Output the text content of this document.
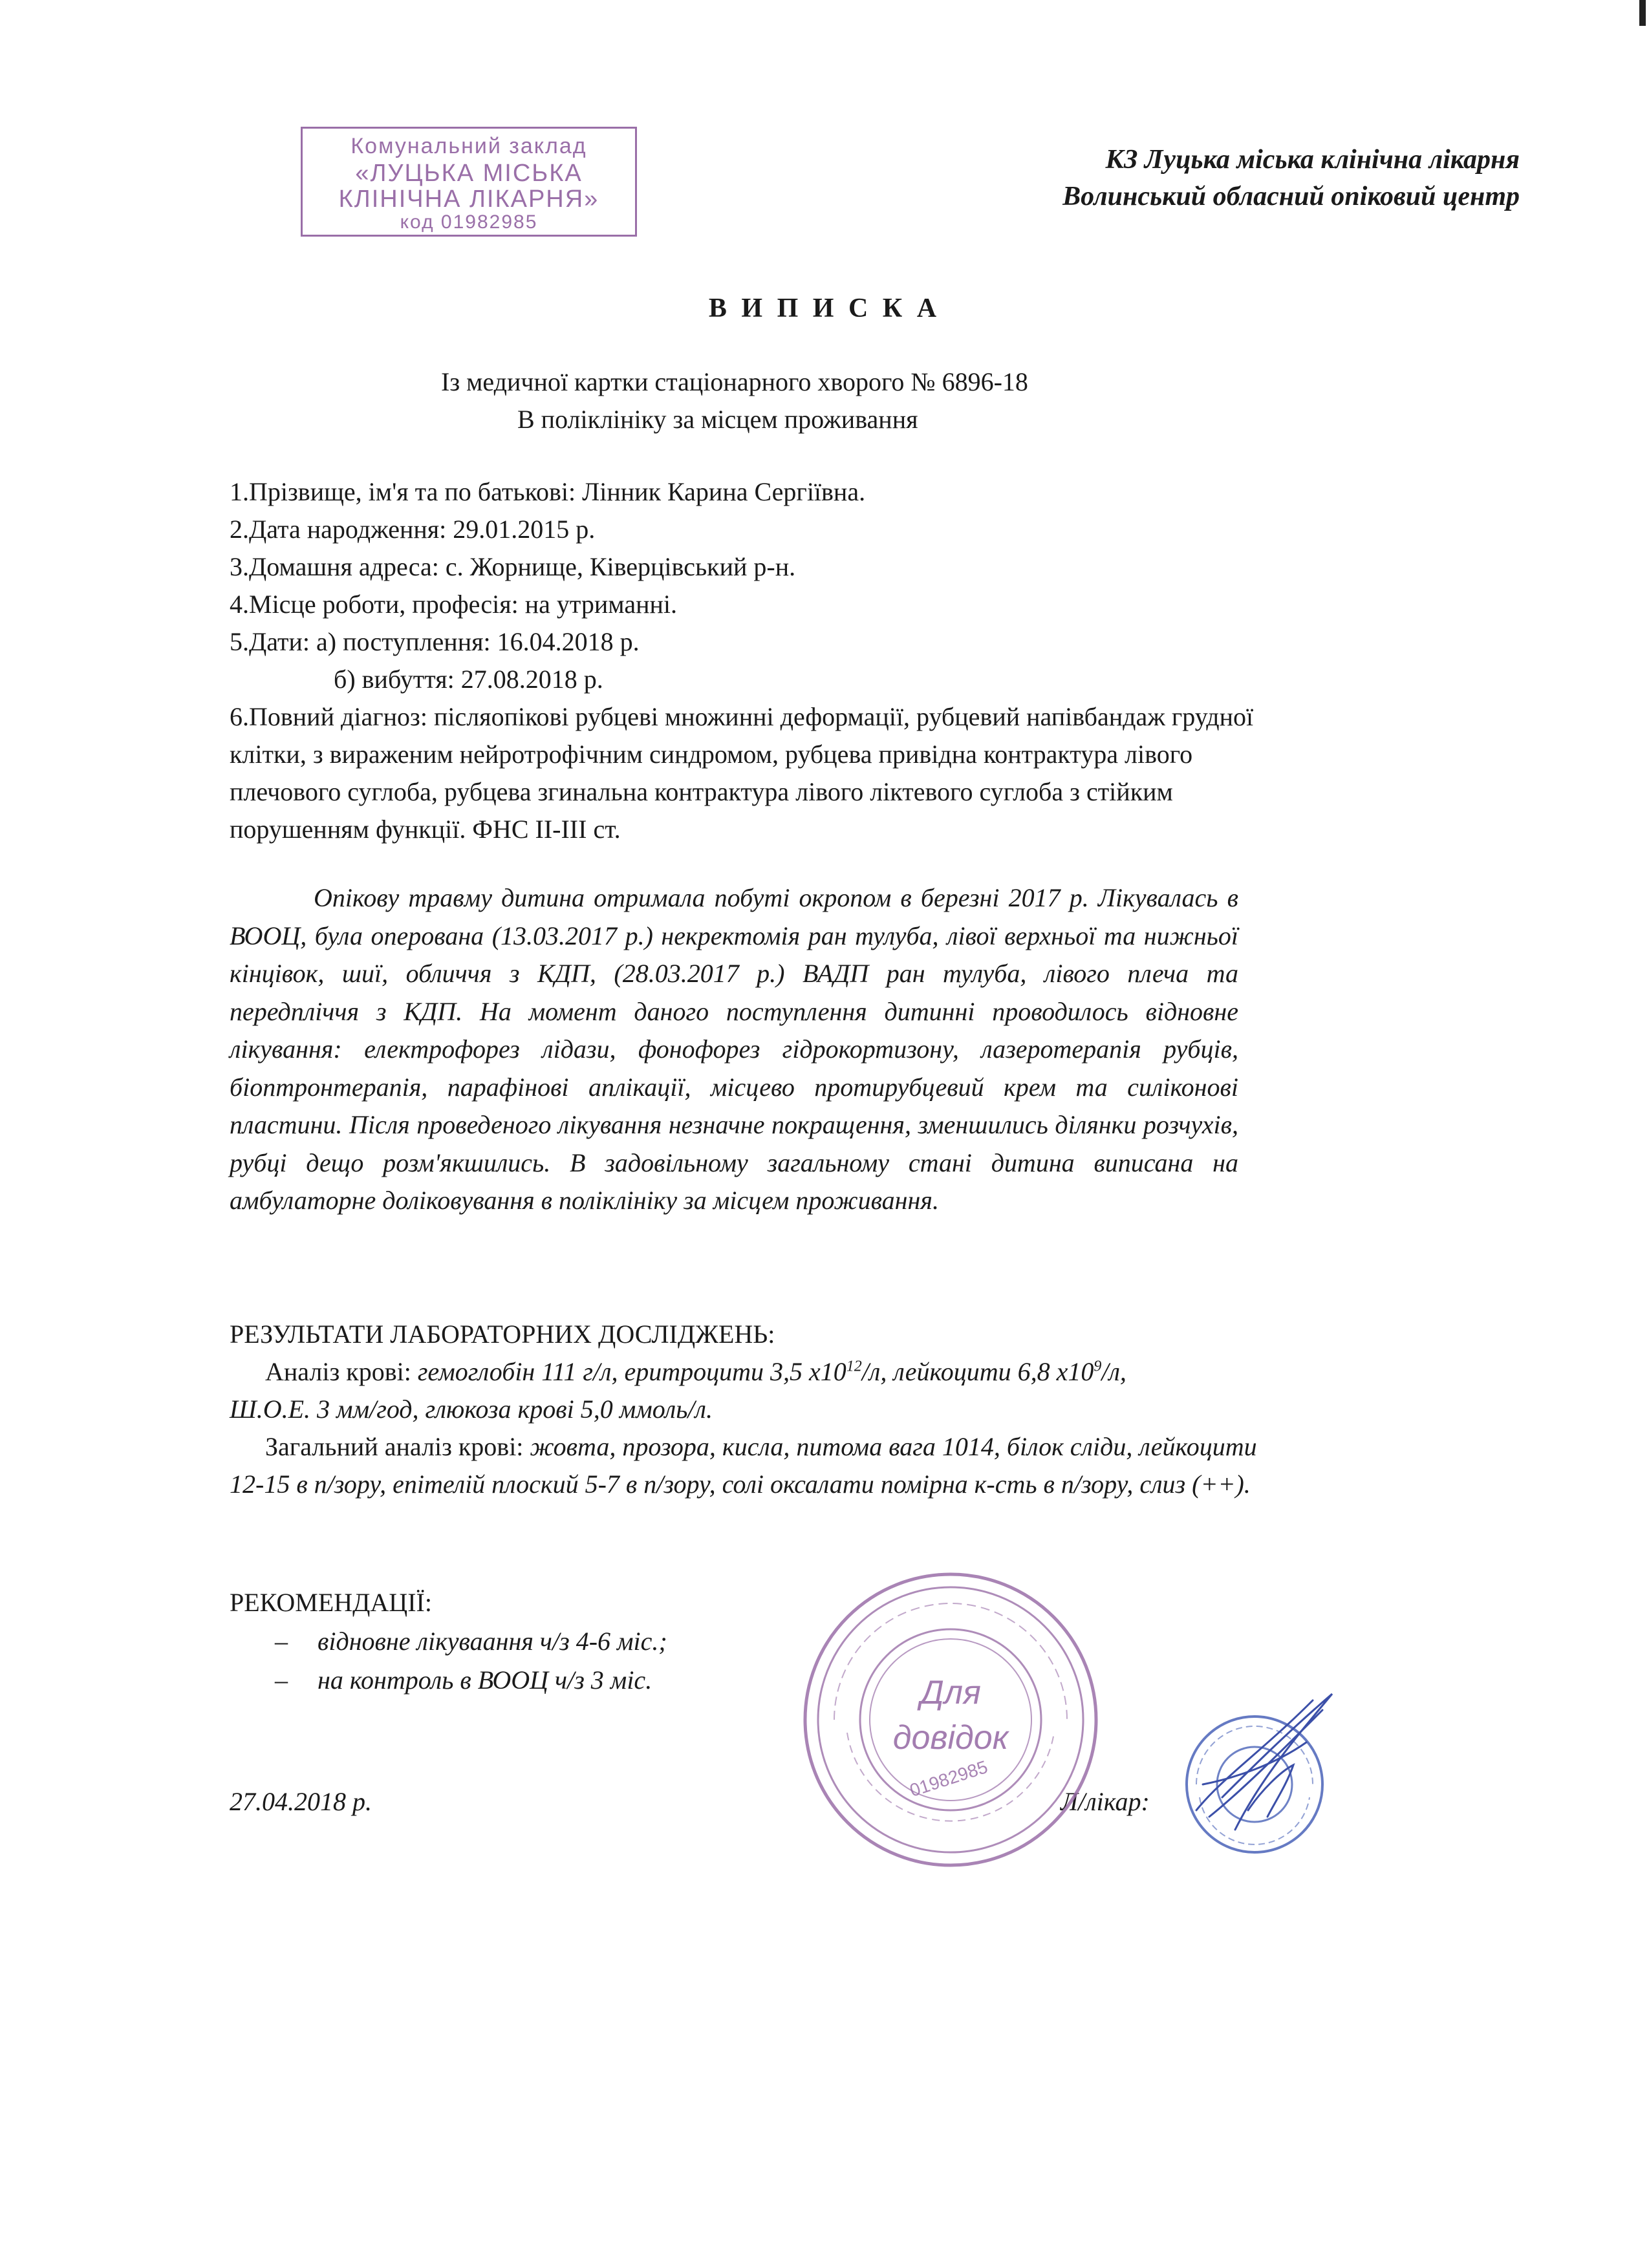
Комунальний заклад
«ЛУЦЬКА МІСЬКА
КЛІНІЧНА ЛІКАРНЯ»
код 01982985
КЗ Луцька міська клінічна лікарня
Волинський обласний опіковий центр
В И П И С К А
Із медичної картки стаціонарного хворого № 6896-18
В поліклініку за місцем проживання
1.Прізвище, ім'я та по батькові: Лінник Карина Сергіївна.
2.Дата народження: 29.01.2015 р.
3.Домашня адреса: с. Жорнище, Ківерцівський р-н.
4.Місце роботи, професія: на утриманні.
5.Дати: а) поступлення: 16.04.2018 р.
б) вибуття: 27.08.2018 р.
6.Повний діагноз: післяопікові рубцеві множинні деформації, рубцевий напівбандаж грудної
клітки, з вираженим нейротрофічним синдромом, рубцева привідна контрактура лівого
плечового суглоба, рубцева згинальна контрактура лівого ліктевого суглоба з стійким
порушенням функції. ФНС ІІ-ІІІ ст.
Опікову травму дитина отримала побуті окропом в березні 2017 р. Лікувалась в ВООЦ, була оперована (13.03.2017 р.) некректомія ран тулуба, лівої верхньої та нижньої кінцівок, шиї, обличчя з КДП, (28.03.2017 р.) ВАДП ран тулуба, лівого плеча та передпліччя з КДП. На момент даного поступлення дитинні проводилось відновне лікування: електрофорез лідази, фонофорез гідрокортизону, лазеротерапія рубців, біоптронтерапія, парафінові аплікації, місцево протирубцевий крем та силіконові пластини. Після проведеного лікування незначне покращення, зменшились ділянки розчухів, рубці дещо розм'якшились. В задовільному загальному стані дитина виписана на амбулаторне доліковування в поліклініку за місцем проживання.
РЕЗУЛЬТАТИ ЛАБОРАТОРНИХ ДОСЛІДЖЕНЬ:
Аналіз крові: гемоглобін 111 г/л, еритроцити 3,5 $х10^{12}/л$, лейкоцити 6,8 $х10^9/л$,
Ш.О.Е. 3 мм/год, глюкоза крові 5,0 ммоль/л.
Загальний аналіз крові: жовта, прозора, кисла, питома вага 1014, білок сліди, лейкоцити
12-15 в п/зору, епітелій плоский 5-7 в п/зору, солі оксалати помірна к-сть в п/зору, слиз (++).
РЕКОМЕНДАЦІЇ:
– відновне лікуваання ч/з 4-6 міс.;
– на контроль в ВООЦ ч/з 3 міс.
27.04.2018 р.	Л/лікар:
Для
довідок
01982985
